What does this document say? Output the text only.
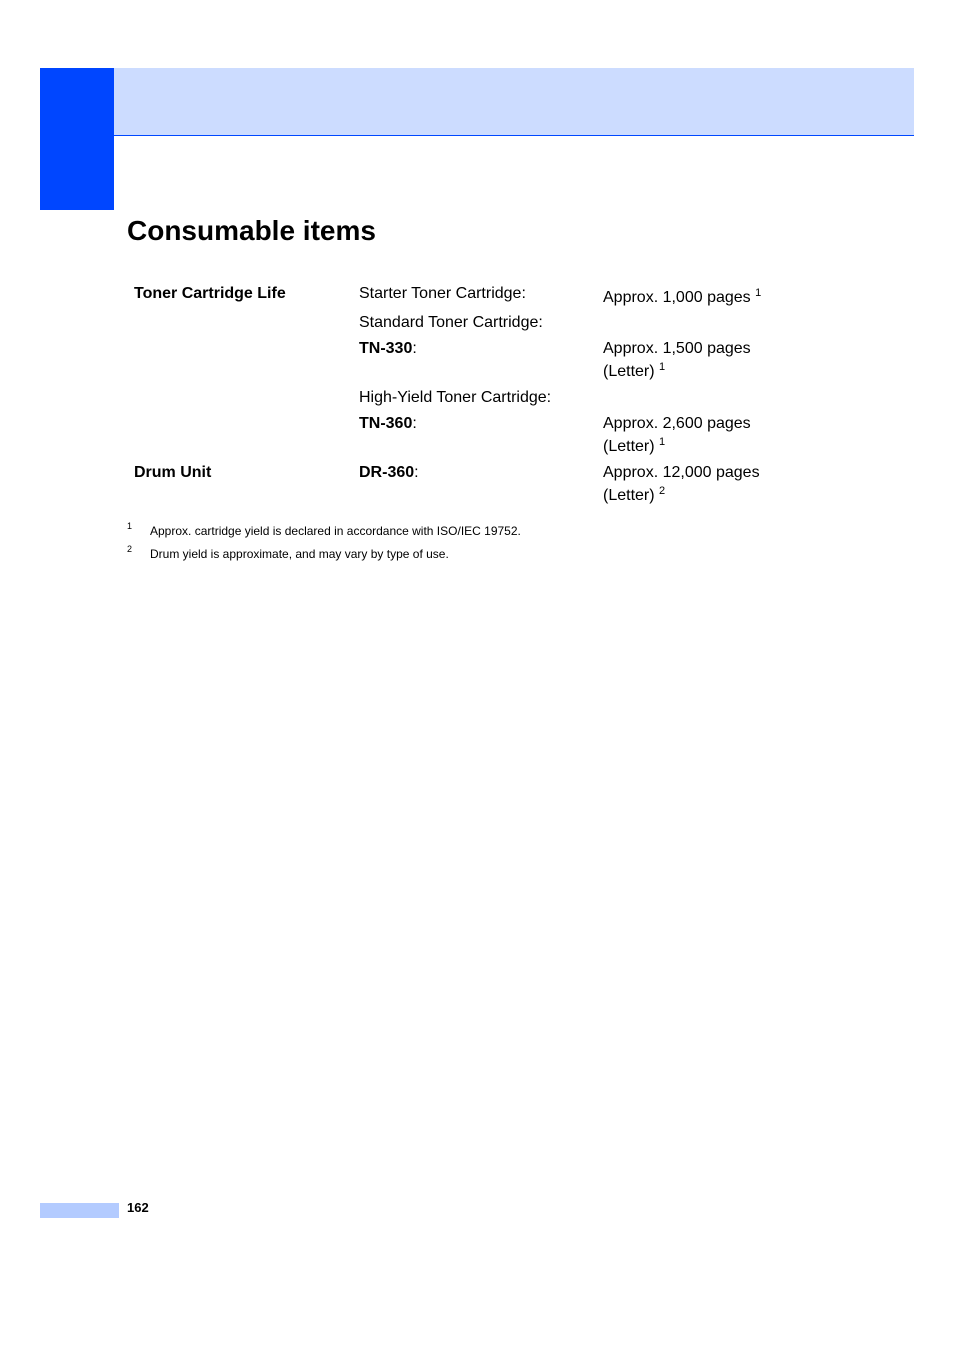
Consumable items
Toner Cartridge Life	Starter Toner Cartridge:	Approx. 1,000 pages $^1$
Standard Toner Cartridge:
TN-330:	Approx. 1,500 pages
(Letter) $^1$
High-Yield Toner Cartridge:
TN-360:	Approx. 2,600 pages
(Letter) $^1$
Drum Unit	DR-360:	Approx. 12,000 pages
(Letter) $^2$
1 Approx. cartridge yield is declared in accordance with ISO/IEC 19752.
2 Drum yield is approximate, and may vary by type of use.
162
